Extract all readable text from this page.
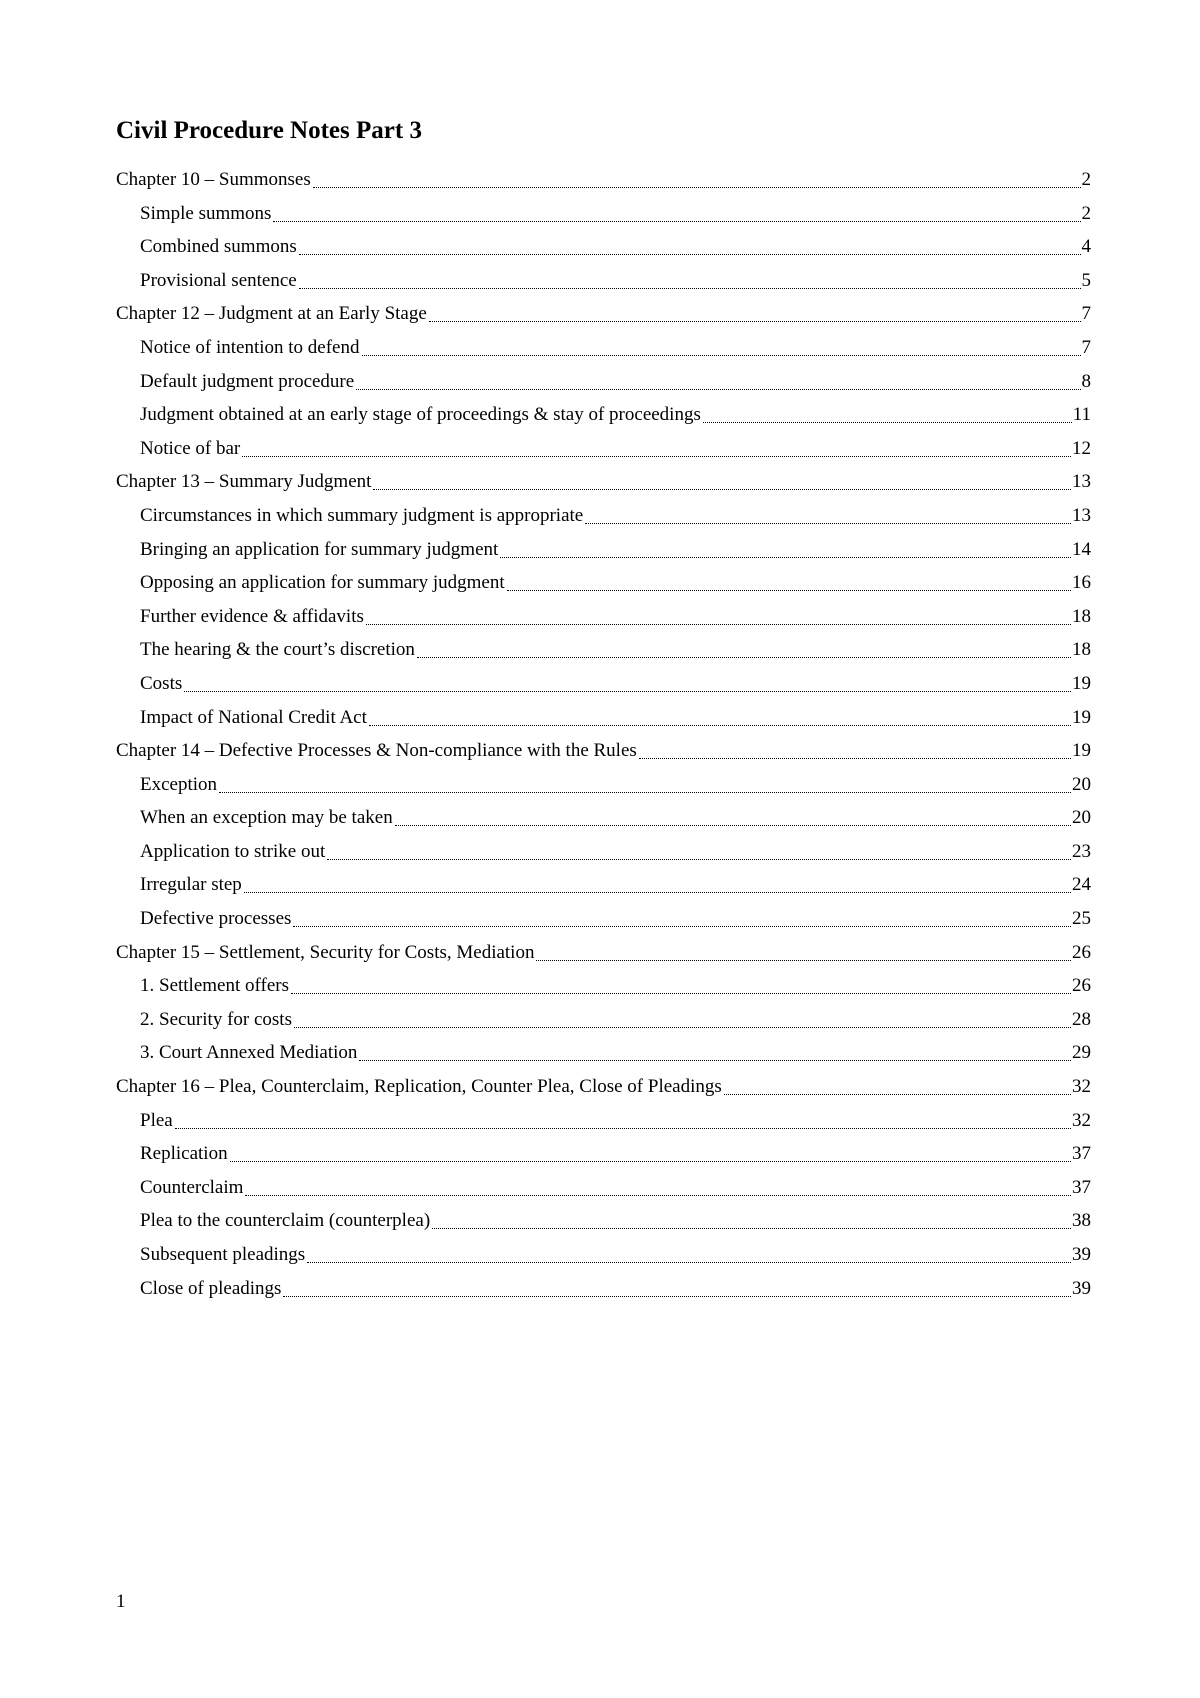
Civil Procedure Notes Part 3
Chapter 10 – Summonses	2
Simple summons	2
Combined summons	4
Provisional sentence	5
Chapter 12 – Judgment at an Early Stage	7
Notice of intention to defend	7
Default judgment procedure	8
Judgment obtained at an early stage of proceedings & stay of proceedings	11
Notice of bar	12
Chapter 13 – Summary Judgment	13
Circumstances in which summary judgment is appropriate	13
Bringing an application for summary judgment	14
Opposing an application for summary judgment	16
Further evidence & affidavits	18
The hearing & the court’s discretion	18
Costs	19
Impact of National Credit Act	19
Chapter 14 – Defective Processes & Non-compliance with the Rules	19
Exception	20
When an exception may be taken	20
Application to strike out	23
Irregular step	24
Defective processes	25
Chapter 15 – Settlement, Security for Costs, Mediation	26
1. Settlement offers	26
2. Security for costs	28
3. Court Annexed Mediation	29
Chapter 16 – Plea, Counterclaim, Replication, Counter Plea, Close of Pleadings	32
Plea	32
Replication	37
Counterclaim	37
Plea to the counterclaim (counterplea)	38
Subsequent pleadings	39
Close of pleadings	39
1
